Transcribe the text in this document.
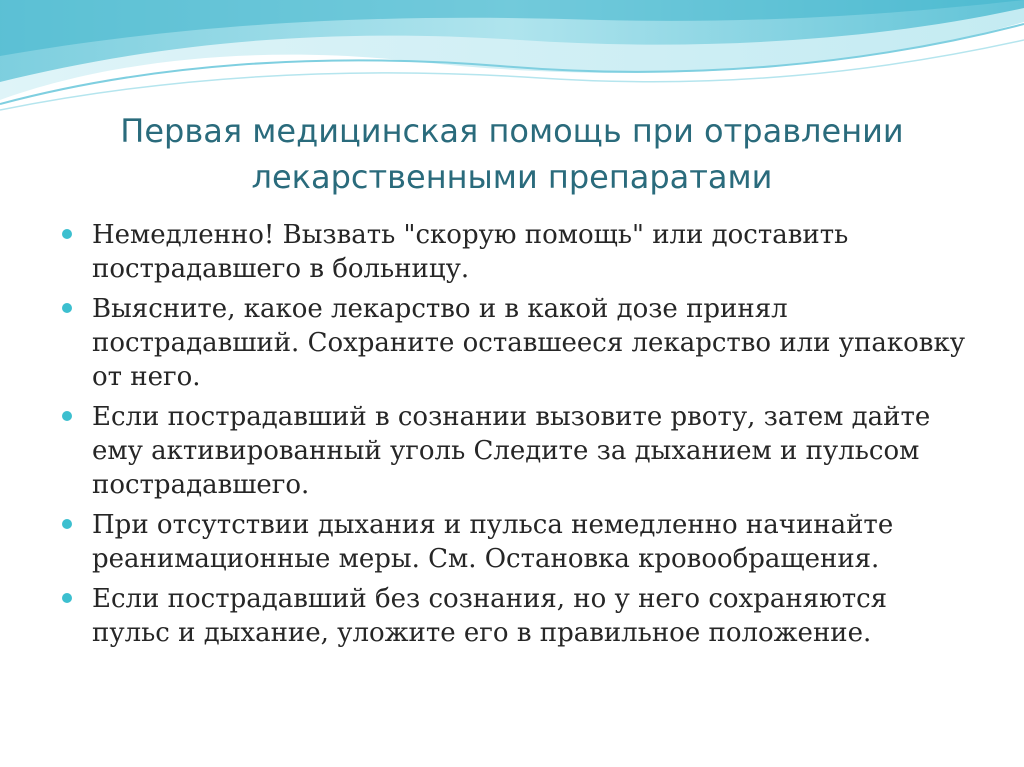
Первая медицинская помощь при отравлении
лекарственными препаратами
Немедленно! Вызвать "скорую помощь" или доставить пострадавшего в больницу.
Выясните, какое лекарство и в какой дозе принял пострадавший. Сохраните оставшееся лекарство или упаковку от него.
Если пострадавший в сознании вызовите рвоту, затем дайте ему активированный уголь Следите за дыханием и пульсом пострадавшего.
При отсутствии дыхания и пульса немедленно начинайте реанимационные меры. См. Остановка кровообращения.
Если пострадавший без сознания, но у него сохраняются пульс и дыхание, уложите его в правильное положение.
